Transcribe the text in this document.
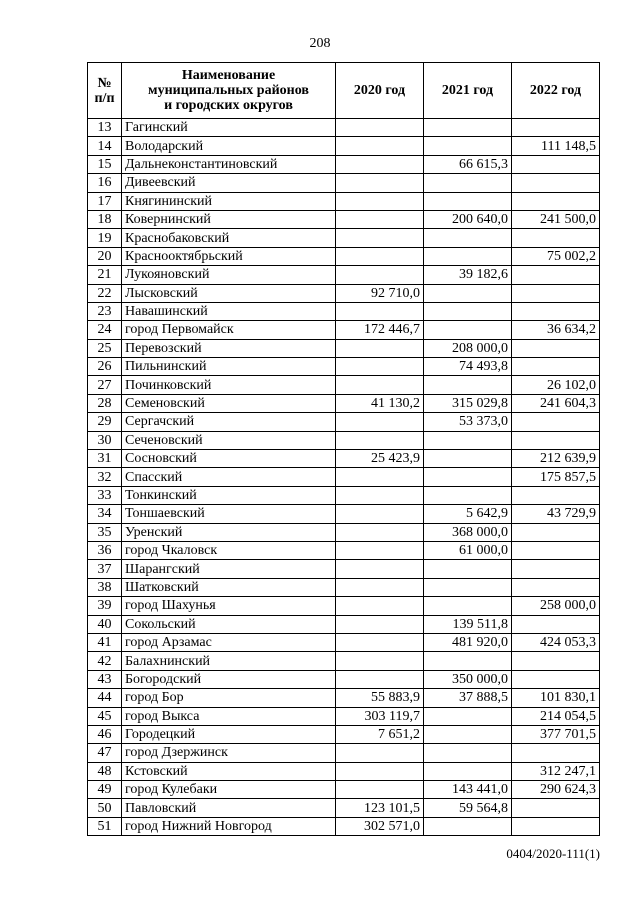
208
№
п/п	Наименование
муниципальных районов
и городских округов	2020 год	2021 год	2022 год
13	Гагинский			
14	Володарский			111 148,5
15	Дальнеконстантиновский		66 615,3	
16	Дивеевский			
17	Княгининский			
18	Ковернинский		200 640,0	241 500,0
19	Краснобаковский			
20	Краснооктябрьский			75 002,2
21	Лукояновский		39 182,6	
22	Лысковский	92 710,0		
23	Навашинский			
24	город Первомайск	172 446,7		36 634,2
25	Перевозский		208 000,0	
26	Пильнинский		74 493,8	
27	Починковский			26 102,0
28	Семеновский	41 130,2	315 029,8	241 604,3
29	Сергачский		53 373,0	
30	Сеченовский			
31	Сосновский	25 423,9		212 639,9
32	Спасский			175 857,5
33	Тонкинский			
34	Тоншаевский		5 642,9	43 729,9
35	Уренский		368 000,0	
36	город Чкаловск		61 000,0	
37	Шарангский			
38	Шатковский			
39	город Шахунья			258 000,0
40	Сокольский		139 511,8	
41	город Арзамас		481 920,0	424 053,3
42	Балахнинский			
43	Богородский		350 000,0	
44	город Бор	55 883,9	37 888,5	101 830,1
45	город Выкса	303 119,7		214 054,5
46	Городецкий	7 651,2		377 701,5
47	город Дзержинск			
48	Кстовский			312 247,1
49	город Кулебаки		143 441,0	290 624,3
50	Павловский	123 101,5	59 564,8	
51	город Нижний Новгород	302 571,0		
0404/2020-111(1)
